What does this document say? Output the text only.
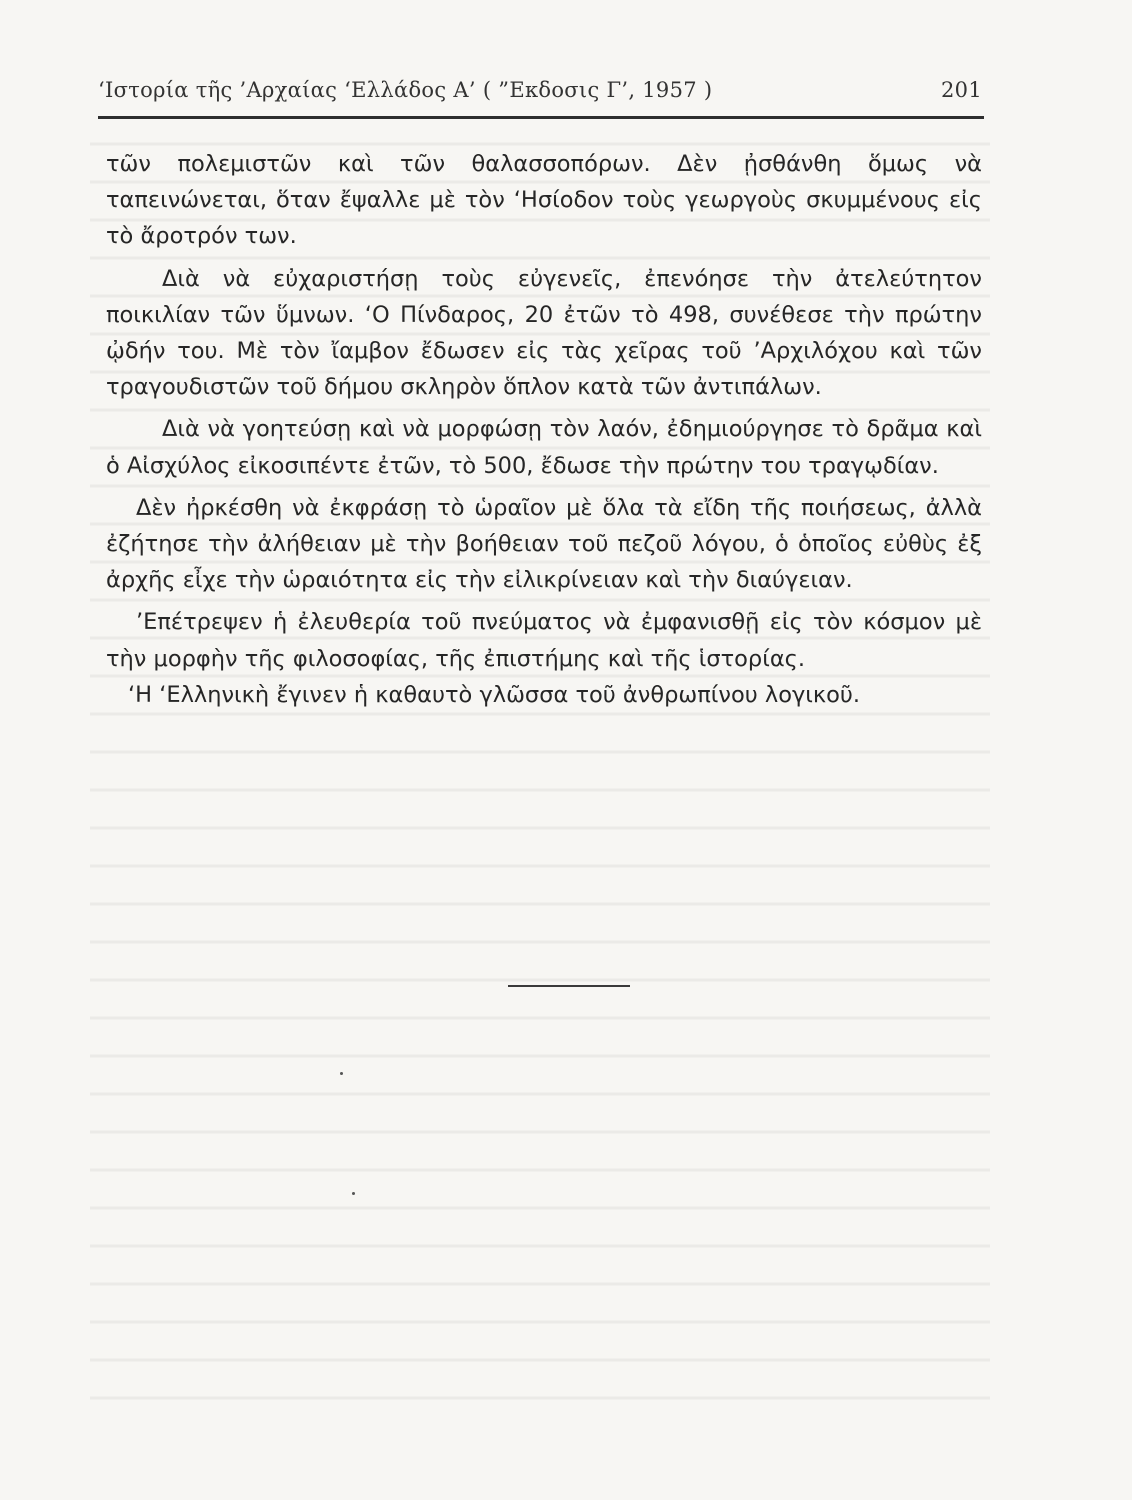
‘Ιστορία τῆς ’Αρχαίας ‘Ελλάδος Α’ ( ”Εκδοσις Γ’, 1957 )	201

τῶν πολεμιστῶν καὶ τῶν θαλασσοπόρων. Δὲν ᾐσθάνθη ὅμως νὰ ταπεινώνεται, ὅταν ἔψαλλε μὲ τὸν ‘Ησίοδον τοὺς γεωργοὺς σκυμμένους εἰς τὸ ἄροτρόν των.

Διὰ νὰ εὐχαριστήσῃ τοὺς εὐγενεῖς, ἐπενόησε τὴν ἀτελεύτητον ποικιλίαν τῶν ὕμνων. ‘Ο Πίνδαρος, 20 ἐτῶν τὸ 498, συνέθεσε τὴν πρώτην ᾠδήν του. Μὲ τὸν ἴαμβον ἔδωσεν εἰς τὰς χεῖρας τοῦ ’Αρχιλόχου καὶ τῶν τραγουδιστῶν τοῦ δήμου σκληρὸν ὅπλον κατὰ τῶν ἀντιπάλων.

Διὰ νὰ γοητεύσῃ καὶ νὰ μορφώσῃ τὸν λαόν, ἐδημιούργησε τὸ δρᾶμα καὶ ὁ Αἰσχύλος εἰκοσιπέντε ἐτῶν, τὸ 500, ἔδωσε τὴν πρώτην του τραγῳδίαν.

Δὲν ἠρκέσθη νὰ ἐκφράσῃ τὸ ὡραῖον μὲ ὅλα τὰ εἴδη τῆς ποιήσεως, ἀλλὰ ἐζήτησε τὴν ἀλήθειαν μὲ τὴν βοήθειαν τοῦ πεζοῦ λόγου, ὁ ὁποῖος εὐθὺς ἐξ ἀρχῆς εἶχε τὴν ὡραιότητα εἰς τὴν εἰλικρίνειαν καὶ τὴν διαύγειαν.

’Επέτρεψεν ἡ ἐλευθερία τοῦ πνεύματος νὰ ἐμφανισθῇ εἰς τὸν κόσμον μὲ τὴν μορφὴν τῆς φιλοσοφίας, τῆς ἐπιστήμης καὶ τῆς ἱστορίας.

‘Η ‘Ελληνικὴ ἔγινεν ἡ καθαυτὸ γλῶσσα τοῦ ἀνθρωπίνου λογικοῦ.
